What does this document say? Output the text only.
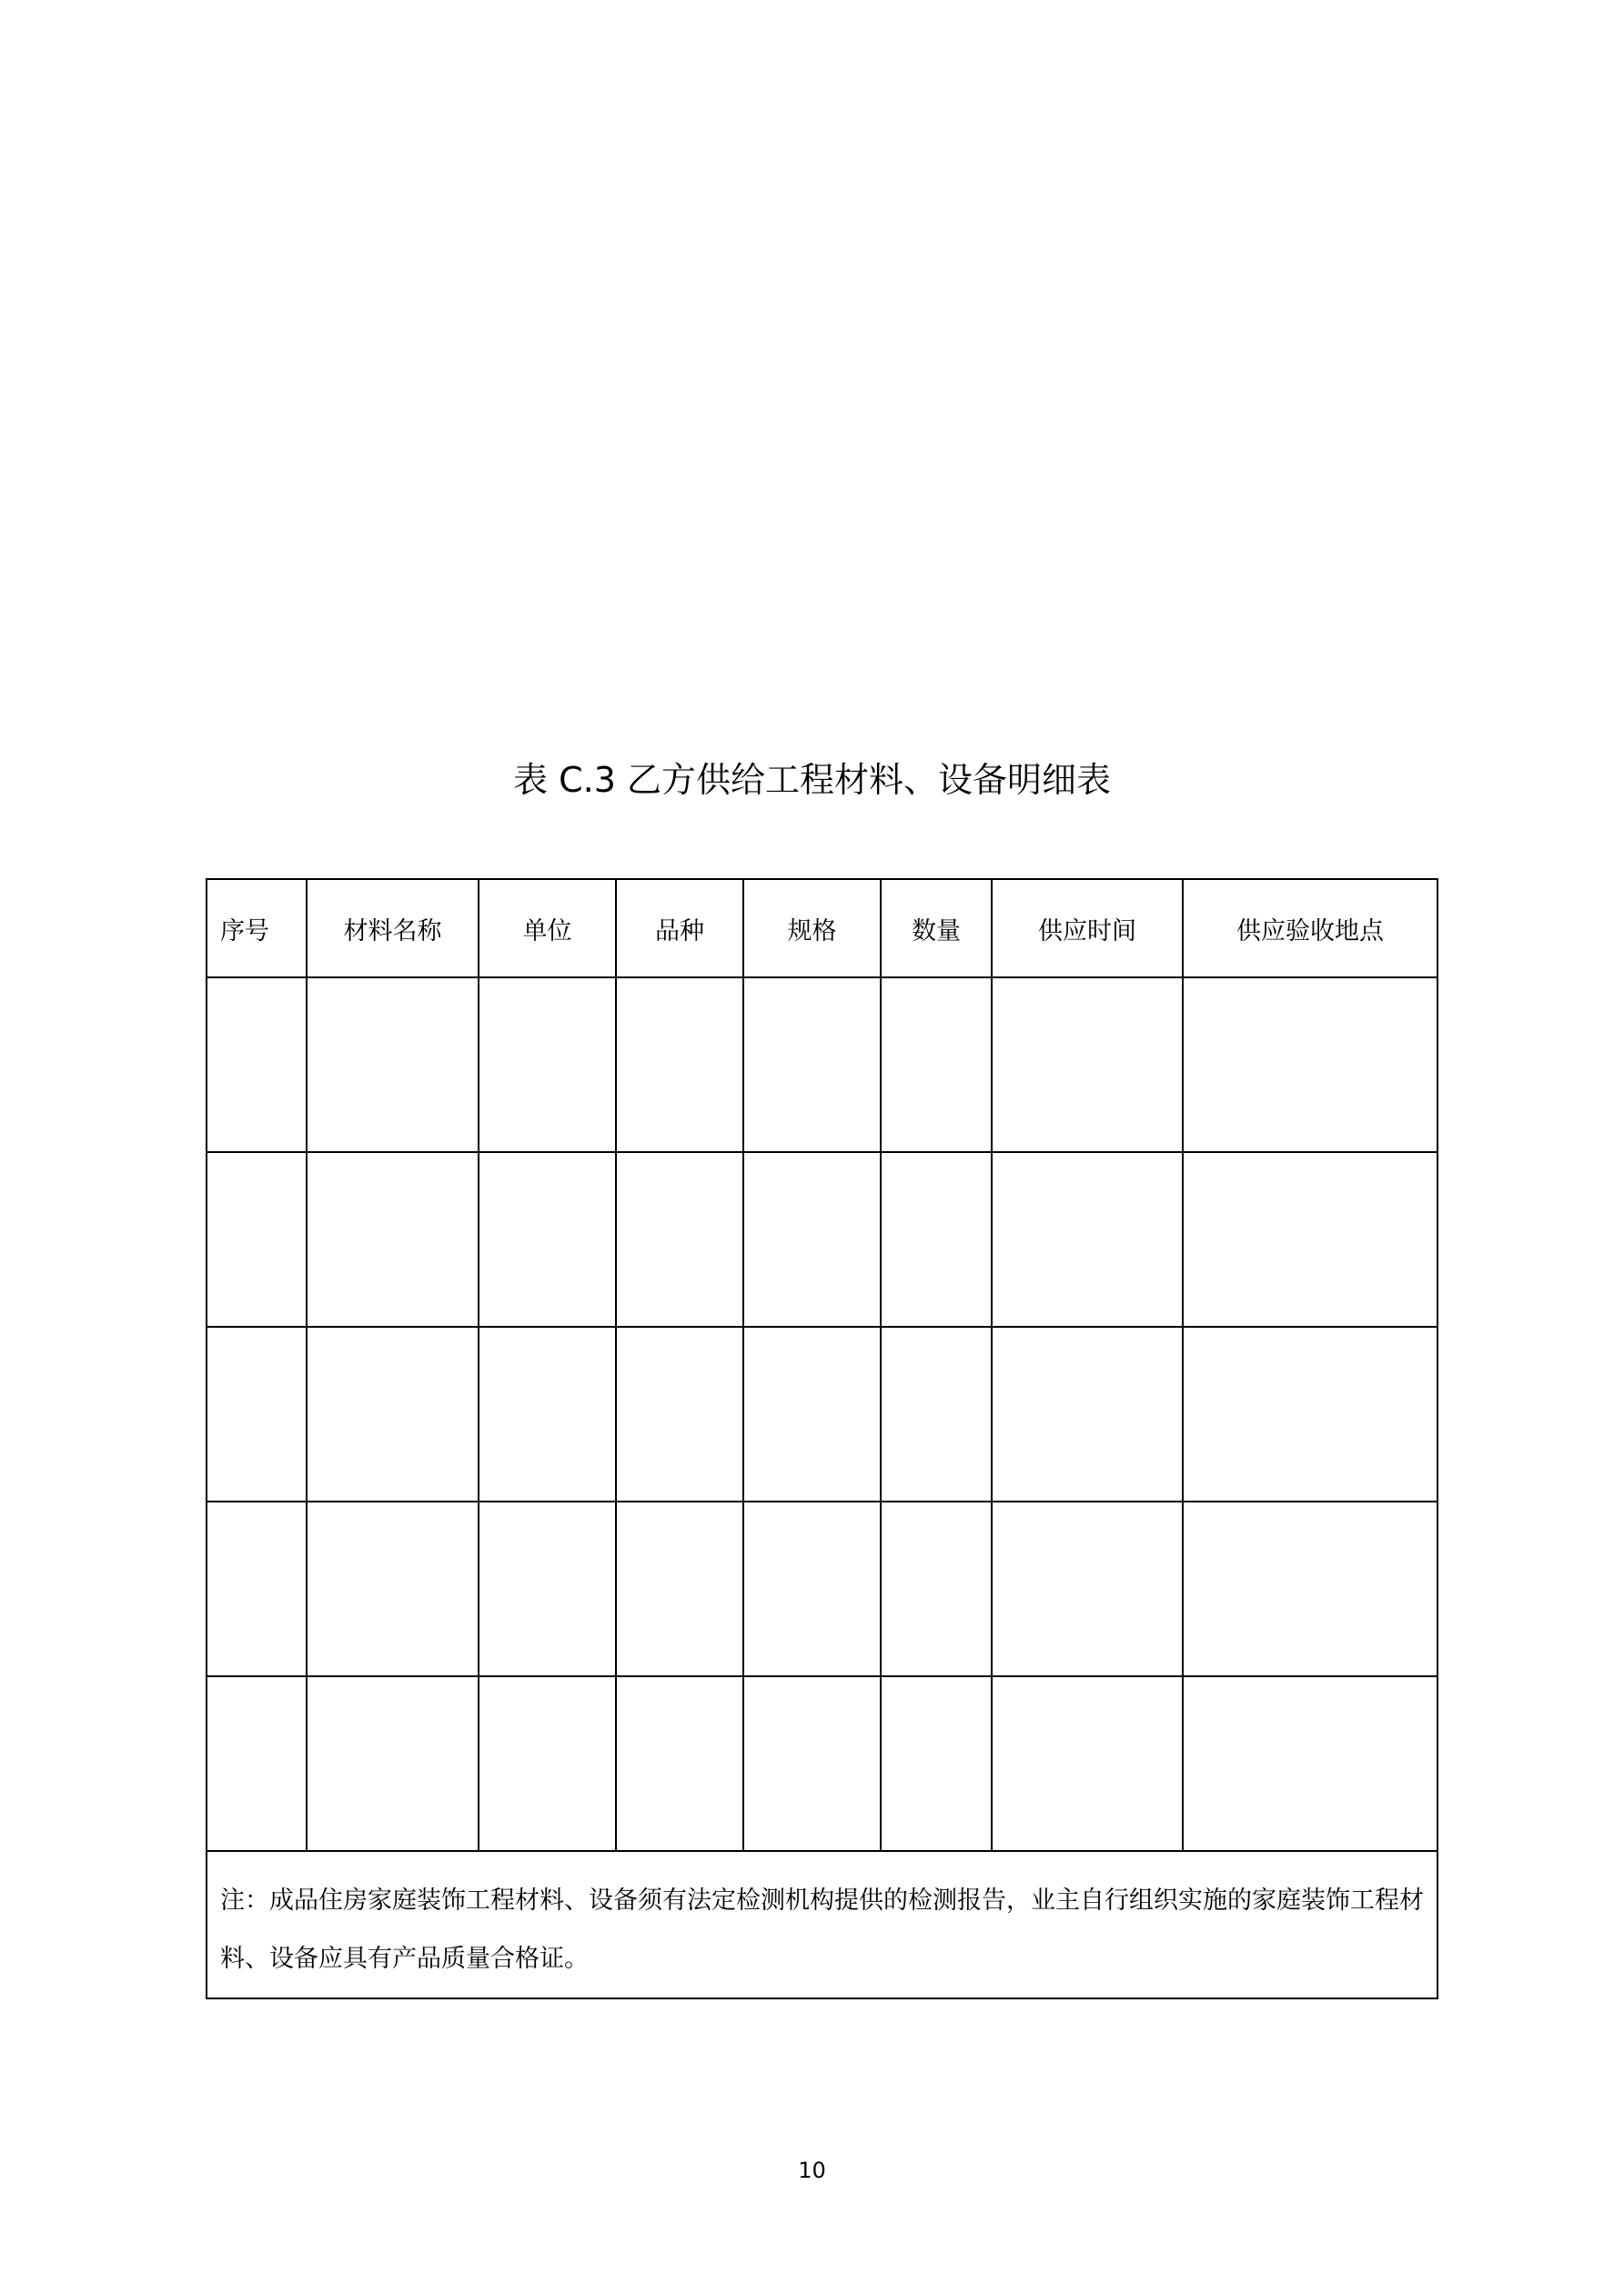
表 C.3 乙方供给工程材料、设备明细表
序号	材料名称	单位	品种	规格	数量	供应时间	供应验收地点

注：成品住房家庭装饰工程材料、设备须有法定检测机构提供的检测报告，业主自行组织实施的家庭装饰工程材料、设备应具有产品质量合格证。							
10
